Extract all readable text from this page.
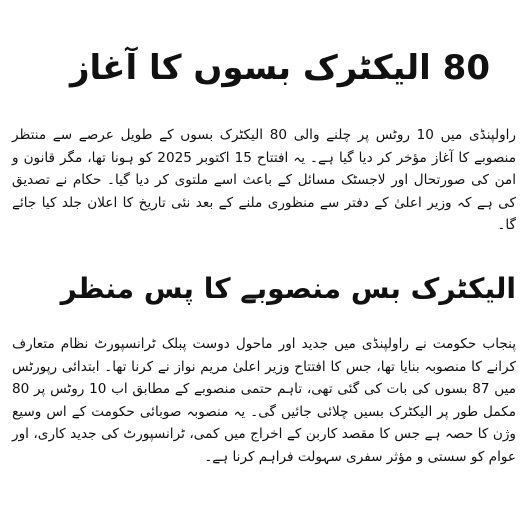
80 الیکٹرک بسوں کا آغاز
راولپنڈی میں 10 روٹس پر چلنے والی 80 الیکٹرک بسوں کے طویل عرصے سے منتظر منصوبے کا آغاز مؤخر کر دیا گیا ہے۔ یہ افتتاح 15 اکتوبر 2025 کو ہونا تھا، مگر قانون و امن کی صورتحال اور لاجسٹک مسائل کے باعث اسے ملتوی کر دیا گیا۔ حکام نے تصدیق کی ہے کہ وزیر اعلیٰ کے دفتر سے منظوری ملنے کے بعد نئی تاریخ کا اعلان جلد کیا جائے گا۔
الیکٹرک بس منصوبے کا پس منظر
پنجاب حکومت نے راولپنڈی میں جدید اور ماحول دوست پبلک ٹرانسپورٹ نظام متعارف کرانے کا منصوبہ بنایا تھا، جس کا افتتاح وزیر اعلیٰ مریم نواز نے کرنا تھا۔ ابتدائی رپورٹس میں 87 بسوں کی بات کی گئی تھی، تاہم حتمی منصوبے کے مطابق اب 10 روٹس پر 80 مکمل طور پر الیکٹرک بسیں چلائی جائیں گی۔ یہ منصوبہ صوبائی حکومت کے اس وسیع وژن کا حصہ ہے جس کا مقصد کاربن کے اخراج میں کمی، ٹرانسپورٹ کی جدید کاری، اور عوام کو سستی و مؤثر سفری سہولت فراہم کرنا ہے۔
